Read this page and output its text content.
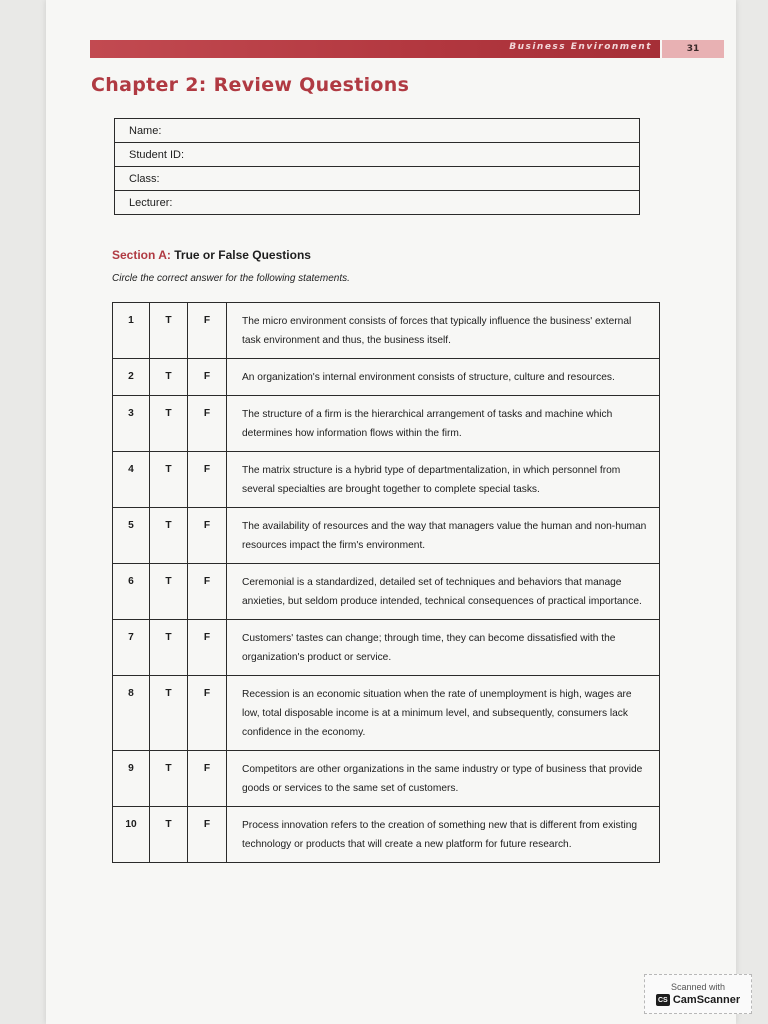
Business Environment	31
Chapter 2: Review Questions
Name:
Student ID:
Class:
Lecturer:
Section A: True or False Questions
Circle the correct answer for the following statements.
1	T	F	The micro environment consists of forces that typically influence the business' external task environment and thus, the business itself.
2	T	F	An organization's internal environment consists of structure, culture and resources.
3	T	F	The structure of a firm is the hierarchical arrangement of tasks and machine which determines how information flows within the firm.
4	T	F	The matrix structure is a hybrid type of departmentalization, in which personnel from several specialties are brought together to complete special tasks.
5	T	F	The availability of resources and the way that managers value the human and non-human resources impact the firm's environment.
6	T	F	Ceremonial is a standardized, detailed set of techniques and behaviors that manage anxieties, but seldom produce intended, technical consequences of practical importance.
7	T	F	Customers' tastes can change; through time, they can become dissatisfied with the organization's product or service.
8	T	F	Recession is an economic situation when the rate of unemployment is high, wages are low, total disposable income is at a minimum level, and subsequently, consumers lack confidence in the economy.
9	T	F	Competitors are other organizations in the same industry or type of business that provide goods or services to the same set of customers.
10	T	F	Process innovation refers to the creation of something new that is different from existing technology or products that will create a new platform for future research.
Scanned with
CS CamScanner
